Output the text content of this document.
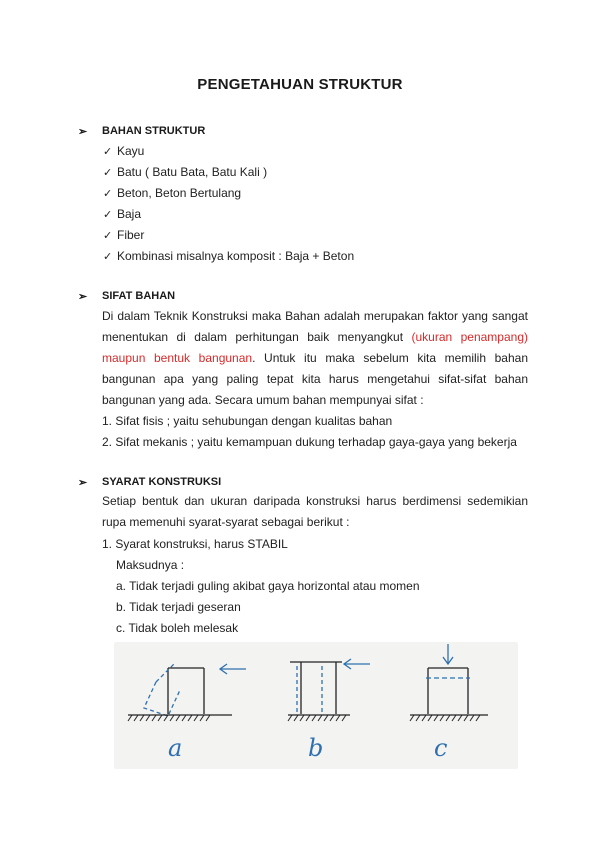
PENGETAHUAN STRUKTUR
➢	BAHAN STRUKTUR
✓ Kayu
✓ Batu ( Batu Bata, Batu Kali )
✓ Beton, Beton Bertulang
✓ Baja
✓ Fiber
✓ Kombinasi misalnya komposit : Baja + Beton
➢	SIFAT BAHAN
Di dalam Teknik Konstruksi maka Bahan adalah merupakan faktor yang sangat menentukan di dalam perhitungan baik menyangkut (ukuran penampang) maupun bentuk bangunan. Untuk itu maka sebelum kita memilih bahan bangunan apa yang paling tepat kita harus mengetahui sifat-sifat bahan bangunan yang ada. Secara umum bahan mempunyai sifat :
1. Sifat fisis ; yaitu sehubungan dengan kualitas bahan
2. Sifat mekanis ; yaitu kemampuan dukung terhadap gaya-gaya yang bekerja
➢	SYARAT KONSTRUKSI
Setiap bentuk dan ukuran daripada konstruksi harus berdimensi sedemikian rupa memenuhi syarat-syarat sebagai berikut :
1. Syarat konstruksi, harus STABIL
Maksudnya :
a. Tidak terjadi guling akibat gaya horizontal atau momen
b. Tidak terjadi geseran
c. Tidak boleh melesak
a	b	c
